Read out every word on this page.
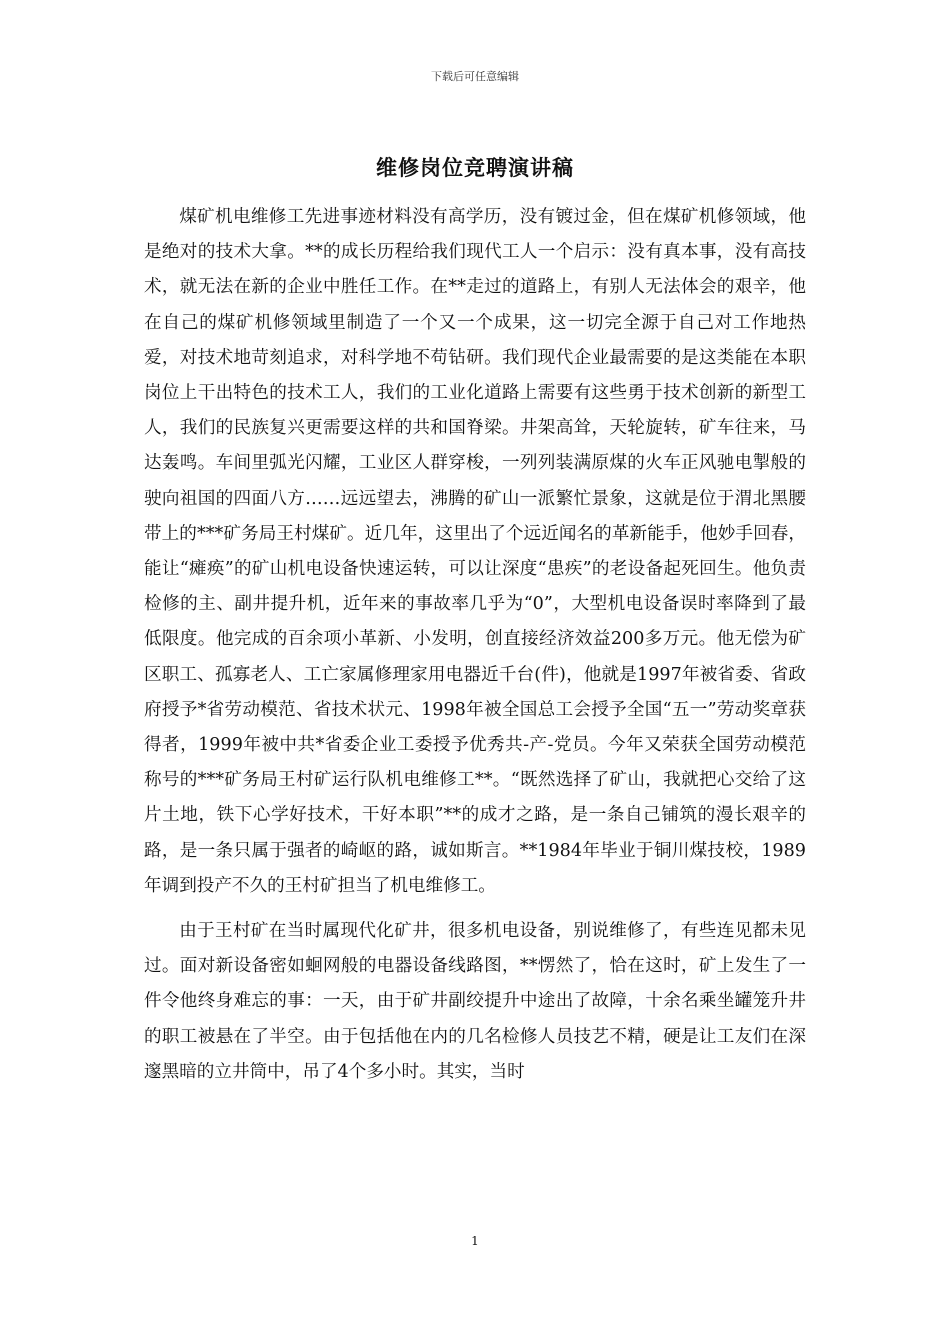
下载后可任意编辑
维修岗位竞聘演讲稿

煤矿机电维修工先进事迹材料没有高学历，没有镀过金，但在煤矿机修领域，他是绝对的技术大拿。**的成长历程给我们现代工人一个启示：没有真本事，没有高技术，就无法在新的企业中胜任工作。在**走过的道路上，有别人无法体会的艰辛，他在自己的煤矿机修领域里制造了一个又一个成果，这一切完全源于自己对工作地热爱，对技术地苛刻追求，对科学地不苟钻研。我们现代企业最需要的是这类能在本职岗位上干出特色的技术工人，我们的工业化道路上需要有这些勇于技术创新的新型工人，我们的民族复兴更需要这样的共和国脊梁。井架高耸，天轮旋转，矿车往来，马达轰鸣。车间里弧光闪耀，工业区人群穿梭，一列列装满原煤的火车正风驰电掣般的驶向祖国的四面八方……远远望去，沸腾的矿山一派繁忙景象，这就是位于渭北黑腰带上的***矿务局王村煤矿。近几年，这里出了个远近闻名的革新能手，他妙手回春，能让“瘫痪”的矿山机电设备快速运转，可以让深度“患疾”的老设备起死回生。他负责检修的主、副井提升机，近年来的事故率几乎为“0”，大型机电设备误时率降到了最低限度。他完成的百余项小革新、小发明，创直接经济效益200多万元。他无偿为矿区职工、孤寡老人、工亡家属修理家用电器近千台(件)，他就是1997年被省委、省政府授予*省劳动模范、省技术状元、1998年被全国总工会授予全国“五一”劳动奖章获得者，1999年被中共*省委企业工委授予优秀共-产-党员。今年又荣获全国劳动模范称号的***矿务局王村矿运行队机电维修工**。“既然选择了矿山，我就把心交给了这片土地，铁下心学好技术，干好本职”**的成才之路，是一条自己铺筑的漫长艰辛的路，是一条只属于强者的崎岖的路，诚如斯言。**1984年毕业于铜川煤技校，1989年调到投产不久的王村矿担当了机电维修工。

由于王村矿在当时属现代化矿井，很多机电设备，别说维修了，有些连见都未见过。面对新设备密如蛔网般的电器设备线路图，**愣然了，恰在这时，矿上发生了一件令他终身难忘的事：一天，由于矿井副绞提升中途出了故障，十余名乘坐罐笼升井的职工被悬在了半空。由于包括他在内的几名检修人员技艺不精，硬是让工友们在深邃黑暗的立井筒中，吊了4个多小时。其实，当时

1
